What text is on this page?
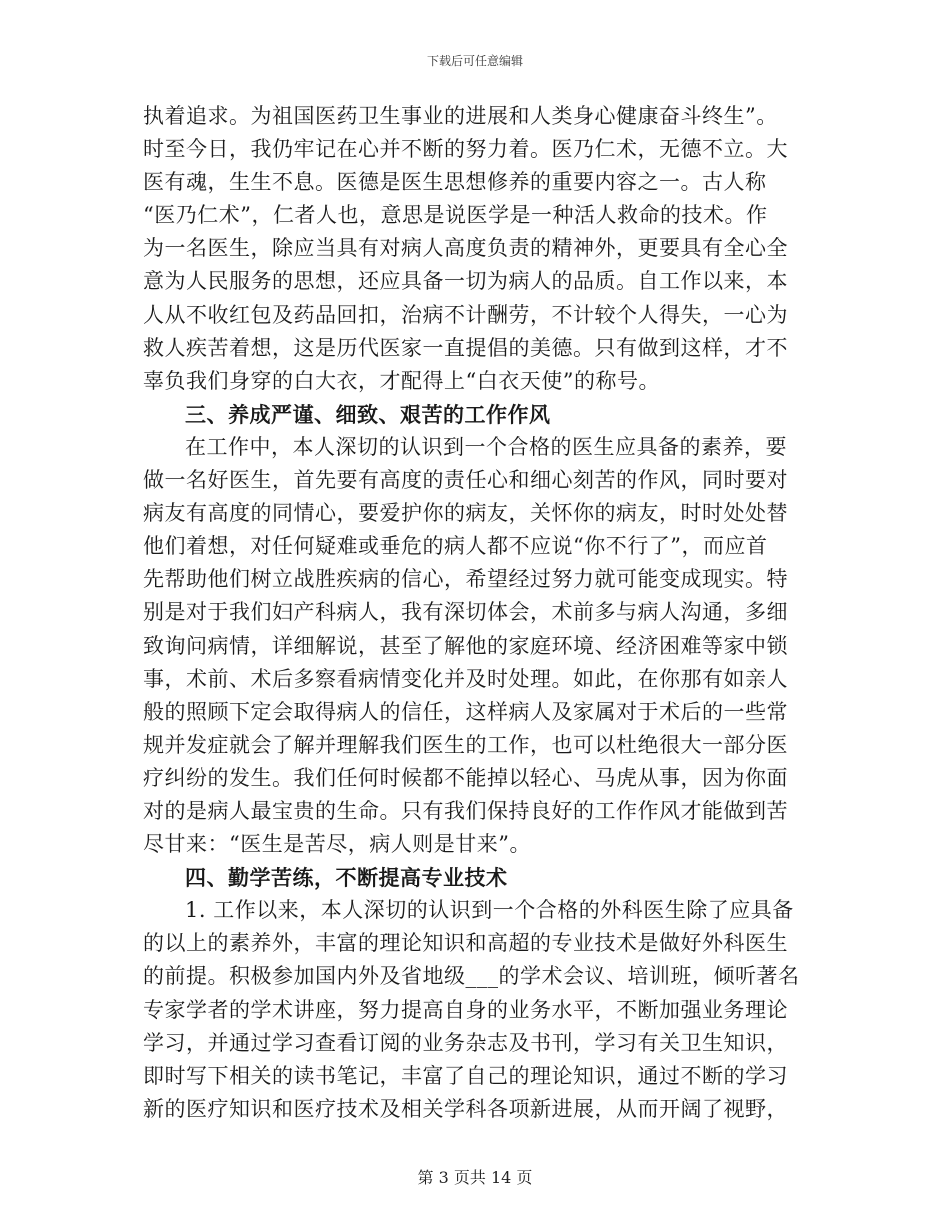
下载后可任意编辑
执着追求。为祖国医药卫生事业的进展和人类身心健康奋斗终生”。
时至今日，我仍牢记在心并不断的努力着。医乃仁术，无德不立。大
医有魂，生生不息。医德是医生思想修养的重要内容之一。古人称
“医乃仁术”，仁者人也，意思是说医学是一种活人救命的技术。作
为一名医生，除应当具有对病人高度负责的精神外，更要具有全心全
意为人民服务的思想，还应具备一切为病人的品质。自工作以来，本
人从不收红包及药品回扣，治病不计酬劳，不计较个人得失，一心为
救人疾苦着想，这是历代医家一直提倡的美德。只有做到这样，才不
辜负我们身穿的白大衣，才配得上“白衣天使”的称号。
三、养成严谨、细致、艰苦的工作作风
在工作中，本人深切的认识到一个合格的医生应具备的素养，要
做一名好医生，首先要有高度的责任心和细心刻苦的作风，同时要对
病友有高度的同情心，要爱护你的病友，关怀你的病友，时时处处替
他们着想，对任何疑难或垂危的病人都不应说“你不行了”，而应首
先帮助他们树立战胜疾病的信心，希望经过努力就可能变成现实。特
别是对于我们妇产科病人，我有深切体会，术前多与病人沟通，多细
致询问病情，详细解说，甚至了解他的家庭环境、经济困难等家中锁
事，术前、术后多察看病情变化并及时处理。如此，在你那有如亲人
般的照顾下定会取得病人的信任，这样病人及家属对于术后的一些常
规并发症就会了解并理解我们医生的工作，也可以杜绝很大一部分医
疗纠纷的发生。我们任何时候都不能掉以轻心、马虎从事，因为你面
对的是病人最宝贵的生命。只有我们保持良好的工作作风才能做到苦
尽甘来：“医生是苦尽，病人则是甘来”。
四、勤学苦练，不断提高专业技术
1. 工作以来，本人深切的认识到一个合格的外科医生除了应具备
的以上的素养外，丰富的理论知识和高超的专业技术是做好外科医生
的前提。积极参加国内外及省地级___的学术会议、培训班，倾听著名
专家学者的学术讲座，努力提高自身的业务水平，不断加强业务理论
学习，并通过学习查看订阅的业务杂志及书刊，学习有关卫生知识，
即时写下相关的读书笔记，丰富了自己的理论知识，通过不断的学习
新的医疗知识和医疗技术及相关学科各项新进展，从而开阔了视野，
第 3 页共 14 页
